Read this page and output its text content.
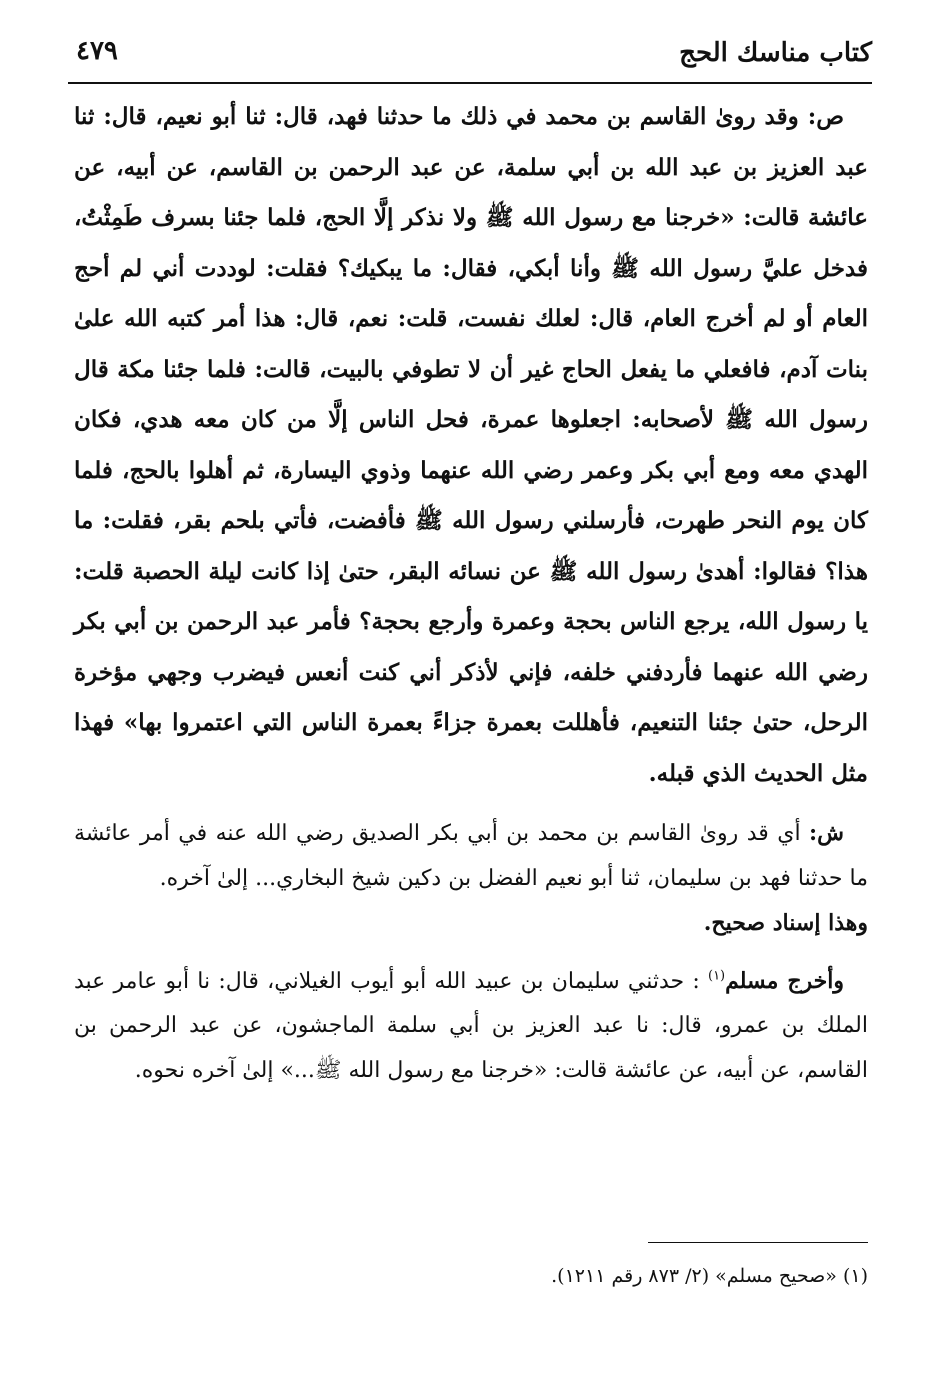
كتاب مناسك الحج
٤٧٩

ص: وقد روىٰ القاسم بن محمد في ذلك ما حدثنا فهد، قال: ثنا أبو نعيم، قال: ثنا عبد العزيز بن عبد الله بن أبي سلمة، عن عبد الرحمن بن القاسم، عن أبيه، عن عائشة قالت: «خرجنا مع رسول الله ﷺ ولا نذكر إلَّا الحج، فلما جئنا بسرف طَمِثْتُ، فدخل عليَّ رسول الله ﷺ وأنا أبكي، فقال: ما يبكيك؟ فقلت: لوددت أني لم أحج العام أو لم أخرج العام، قال: لعلك نفست، قلت: نعم، قال: هذا أمر كتبه الله علىٰ بنات آدم، فافعلي ما يفعل الحاج غير أن لا تطوفي بالبيت، قالت: فلما جئنا مكة قال رسول الله ﷺ لأصحابه: اجعلوها عمرة، فحل الناس إلَّا من كان معه هدي، فكان الهدي معه ومع أبي بكر وعمر رضي الله عنهما وذوي اليسارة، ثم أهلوا بالحج، فلما كان يوم النحر طهرت، فأرسلني رسول الله ﷺ فأفضت، فأتي بلحم بقر، فقلت: ما هذا؟ فقالوا: أهدىٰ رسول الله ﷺ عن نسائه البقر، حتىٰ إذا كانت ليلة الحصبة قلت: يا رسول الله، يرجع الناس بحجة وعمرة وأرجع بحجة؟ فأمر عبد الرحمن بن أبي بكر رضي الله عنهما فأردفني خلفه، فإني لأذكر أني كنت أنعس فيضرب وجهي مؤخرة الرحل، حتىٰ جئنا التنعيم، فأهللت بعمرة جزاءً بعمرة الناس التي اعتمروا بها» فهذا مثل الحديث الذي قبله.

ش: أي قد روىٰ القاسم بن محمد بن أبي بكر الصديق رضي الله عنه في أمر عائشة ما حدثنا فهد بن سليمان، ثنا أبو نعيم الفضل بن دكين شيخ البخاري... إلىٰ آخره.
وهذا إسناد صحيح.

وأخرج مسلم$^{(١)}$ : حدثني سليمان بن عبيد الله أبو أيوب الغيلاني، قال: نا أبو عامر عبد الملك بن عمرو، قال: نا عبد العزيز بن أبي سلمة الماجشون، عن عبد الرحمن بن القاسم، عن أبيه، عن عائشة قالت: «خرجنا مع رسول الله ﷺ...» إلىٰ آخره نحوه.

(١) «صحيح مسلم» (٢/ ٨٧٣ رقم ١٢١١).
